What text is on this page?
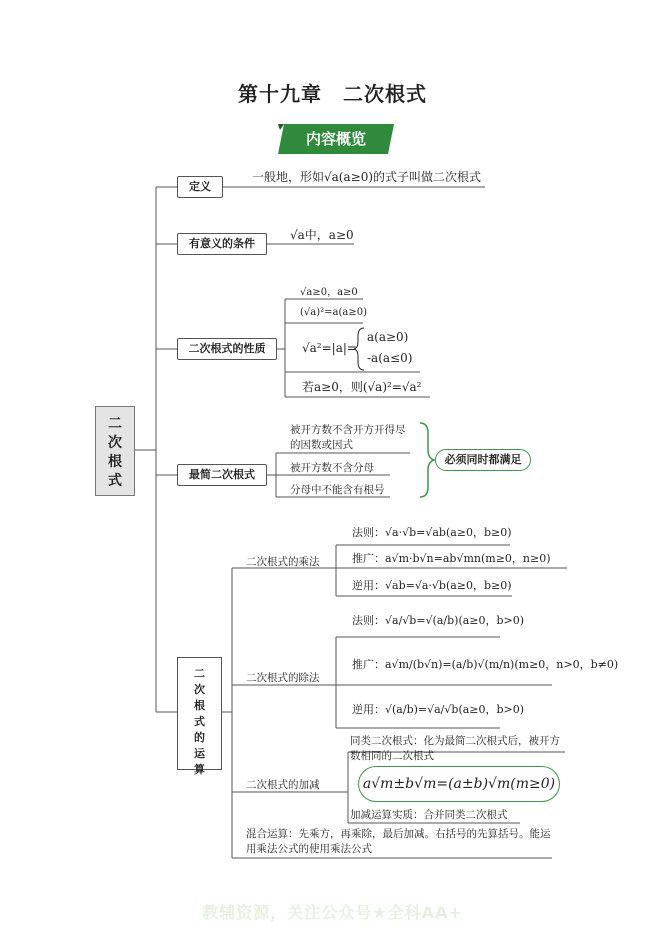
第十九章　二次根式
内容概览
二次根式
定义
一般地，形如√a(a≥0)的式子叫做二次根式
有意义的条件
√a中，a≥0
二次根式的性质
√a≥0，a≥0
(√a)²=a(a≥0)
√a²=|a|=
a(a≥0)
-a(a≤0)
若a≥0，则(√a)²=√a²
最简二次根式
被开方数不含开方开得尽的因数或因式
被开方数不含分母
分母中不能含有根号
必须同时都满足
二次根式的运算
二次根式的乘法
法则：√a·√b=√ab(a≥0，b≥0)
推广：a√m·b√n=ab√mn(m≥0，n≥0)
逆用：√ab=√a·√b(a≥0，b≥0)
二次根式的除法
法则：√a/√b=√(a/b)(a≥0，b>0)
推广：a√m/(b√n)=(a/b)√(m/n)(m≥0，n>0，b≠0)
逆用：√(a/b)=√a/√b(a≥0，b>0)
二次根式的加减
同类二次根式：化为最简二次根式后，被开方数相同的二次根式
a√m±b√m=(a±b)√m(m≥0)
加减运算实质：合并同类二次根式
混合运算：先乘方，再乘除，最后加减。右括号的先算括号。能运用乘法公式的使用乘法公式
教辅资源，关注公众号★全科AA+
